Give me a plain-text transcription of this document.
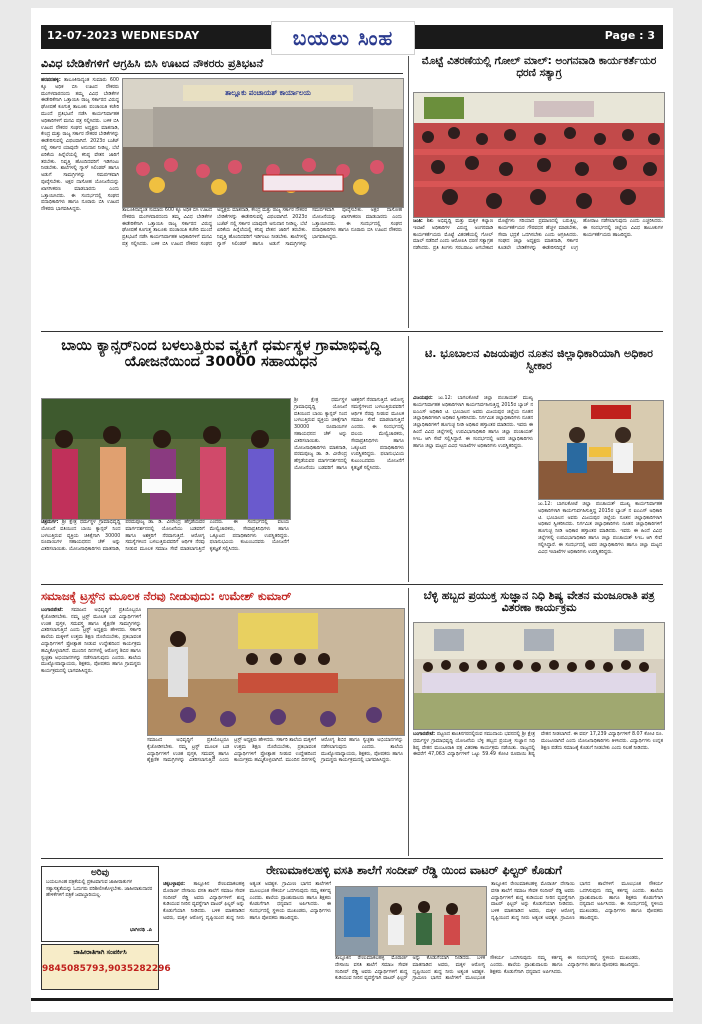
12-07-2023 WEDNESDAY	Page : 3
ಬಯಲು ಸಿಂಹ
ವಿವಿಧ ಬೇಡಿಕೆಗಳಿಗೆ ಆಗ್ರಹಿಸಿ ಬಿಸಿ ಊಟದ ನೌಕರರು ಪ್ರತಿಭಟನೆ
ಹರಪನಹಳ್ಳಿ: ತಾಲೂಕಿನಾದ್ಯಂತ ಸುಮಾರು 600 ಕ್ಕೂ ಅಧಿಕ ಬಿಸಿ ಊಟದ ನೌಕರರು ಮಂಗಳವಾರದಂದು ತಮ್ಮ ವಿವಿಧ ಬೇಡಿಕೆಗಳ ಈಡೇರಿಕೆಗಾಗಿ ಒತ್ತಾಯಿಸಿ ರಾಜ್ಯ ಸರ್ಕಾರದ ವಿರುದ್ಧ ಘೋಷಣೆ ಕೂಗುತ್ತ ತಾಲೂಕು ಪಂಚಾಯಿತಿ ಕಚೇರಿ ಮುಂದೆ ಪ್ರತಿಭಟನೆ ನಡೆಸಿ ಕಾರ್ಯನಿರ್ವಾಹಕ ಅಧಿಕಾರಿಗಳಿಗೆ ಮನವಿ ಪತ್ರ ಸಲ್ಲಿಸಿದರು. ಬಳಿಕ ಬಿಸಿ ಊಟದ ನೌಕರರ ಸಂಘದ ಅಧ್ಯಕ್ಷರು ಮಾತನಾಡಿ, ಕೇಂದ್ರ ಮತ್ತು ರಾಜ್ಯ ಸರ್ಕಾರ ನೌಕರರ ಬೇಡಿಕೆಗಳನ್ನು ಈಡೇರಿಸುವಲ್ಲಿ ವಿಫಲವಾಗಿದೆ. 2023ರ ಬಜೆಟ್ ನಲ್ಲಿ ಸರ್ಕಾರ ಯಾವುದೇ ಅನುದಾನ ನೀಡಿಲ್ಲ. ಬೆಲೆ ಏರಿಕೆಯ ಹಿನ್ನೆಲೆಯಲ್ಲಿ ಕನಿಷ್ಠ ವೇತನ ಜಾರಿಗೆ ತರಬೇಕು. ನಿವೃತ್ತಿ ಹೊಂದಿದವರಿಗೆ ಇಡಿಗಂಟು ನೀಡಬೇಕು. ಶಾಲೆಗಳಲ್ಲಿ ಗ್ಯಾಸ್ ಸಿಲಿಂಡರ್ ಹಾಗೂ ಅಡುಗೆ ಸಾಮಗ್ರಿಗಳನ್ನು ಸಮರ್ಪಕವಾಗಿ ಪೂರೈಸಬೇಕು. ಅಕ್ಷರ ದಾಸೋಹ ಯೋಜನೆಯನ್ನು ಖಾಸಗೀಕರಣ ಮಾಡಬಾರದು ಎಂದು ಒತ್ತಾಯಿಸಿದರು. ಈ ಸಂದರ್ಭದಲ್ಲಿ ಸಂಘದ ಪದಾಧಿಕಾರಿಗಳು ಹಾಗೂ ನೂರಾರು ಬಿಸಿ ಊಟದ ನೌಕರರು ಭಾಗವಹಿಸಿದ್ದರು.
ತಾಲ್ಲೂಕು ಪಂಚಾಯತ್ ಕಾರ್ಯಾಲಯ
ತಾಲೂಕಿನಾದ್ಯಂತ ಸುಮಾರು 600 ಕ್ಕೂ ಅಧಿಕ ಬಿಸಿ ಊಟದ ನೌಕರರು ಮಂಗಳವಾರದಂದು ತಮ್ಮ ವಿವಿಧ ಬೇಡಿಕೆಗಳ ಈಡೇರಿಕೆಗಾಗಿ ಒತ್ತಾಯಿಸಿ ರಾಜ್ಯ ಸರ್ಕಾರದ ವಿರುದ್ಧ ಘೋಷಣೆ ಕೂಗುತ್ತ ತಾಲೂಕು ಪಂಚಾಯಿತಿ ಕಚೇರಿ ಮುಂದೆ ಪ್ರತಿಭಟನೆ ನಡೆಸಿ ಕಾರ್ಯನಿರ್ವಾಹಕ ಅಧಿಕಾರಿಗಳಿಗೆ ಮನವಿ ಪತ್ರ ಸಲ್ಲಿಸಿದರು. ಬಳಿಕ ಬಿಸಿ ಊಟದ ನೌಕರರ ಸಂಘದ ಅಧ್ಯಕ್ಷರು ಮಾತನಾಡಿ, ಕೇಂದ್ರ ಮತ್ತು ರಾಜ್ಯ ಸರ್ಕಾರ ನೌಕರರ ಬೇಡಿಕೆಗಳನ್ನು ಈಡೇರಿಸುವಲ್ಲಿ ವಿಫಲವಾಗಿದೆ. 2023ರ ಬಜೆಟ್ ನಲ್ಲಿ ಸರ್ಕಾರ ಯಾವುದೇ ಅನುದಾನ ನೀಡಿಲ್ಲ. ಬೆಲೆ ಏರಿಕೆಯ ಹಿನ್ನೆಲೆಯಲ್ಲಿ ಕನಿಷ್ಠ ವೇತನ ಜಾರಿಗೆ ತರಬೇಕು. ನಿವೃತ್ತಿ ಹೊಂದಿದವರಿಗೆ ಇಡಿಗಂಟು ನೀಡಬೇಕು. ಶಾಲೆಗಳಲ್ಲಿ ಗ್ಯಾಸ್ ಸಿಲಿಂಡರ್ ಹಾಗೂ ಅಡುಗೆ ಸಾಮಗ್ರಿಗಳನ್ನು ಸಮರ್ಪಕವಾಗಿ ಪೂರೈಸಬೇಕು. ಅಕ್ಷರ ದಾಸೋಹ ಯೋಜನೆಯನ್ನು ಖಾಸಗೀಕರಣ ಮಾಡಬಾರದು ಎಂದು ಒತ್ತಾಯಿಸಿದರು. ಈ ಸಂದರ್ಭದಲ್ಲಿ ಸಂಘದ ಪದಾಧಿಕಾರಿಗಳು ಹಾಗೂ ನೂರಾರು ಬಿಸಿ ಊಟದ ನೌಕರರು ಭಾಗವಹಿಸಿದ್ದರು.
ಮೊಟ್ಟೆ ವಿತರಣೆಯಲ್ಲಿ ಗೋಲ್ ಮಾಲ್: ಅಂಗನವಾಡಿ ಕಾರ್ಯಕರ್ತೆಯರ ಧರಣಿ ಸತ್ಯಾಗ್ರ
ಜಂತಿ: ಶಿಶು ಅಭಿವೃದ್ಧಿ ಮತ್ತು ಮಕ್ಕಳ ಕಲ್ಯಾಣ ಇಲಾಖೆ ಅಧಿಕಾರಿಗಳ ವಿರುದ್ಧ ಅಂಗನವಾಡಿ ಕಾರ್ಯಕರ್ತೆಯರು ಮೊಟ್ಟೆ ವಿತರಣೆಯಲ್ಲಿ ಗೋಲ್ ಮಾಲ್ ನಡೆದಿದೆ ಎಂದು ಆರೋಪಿಸಿ ಧರಣಿ ಸತ್ಯಾಗ್ರಹ ನಡೆಸಿದರು. ಪ್ರತಿ ತಿಂಗಳು ಸರಬರಾಜು ಆಗಬೇಕಾದ ಮೊಟ್ಟೆಗಳು ಸರಿಯಾದ ಪ್ರಮಾಣದಲ್ಲಿ ಬರುತ್ತಿಲ್ಲ. ಕಾರ್ಯಕರ್ತೆಯರ ಗೌರವಧನ ಹೆಚ್ಚಳ ಮಾಡಬೇಕು, ಸೇವಾ ಭದ್ರತೆ ಒದಗಿಸಬೇಕು ಎಂದು ಆಗ್ರಹಿಸಿದರು. ಸಂಘದ ಜಿಲ್ಲಾ ಅಧ್ಯಕ್ಷರು ಮಾತನಾಡಿ, ಸರ್ಕಾರ ಕೂಡಲೇ ಬೇಡಿಕೆಗಳನ್ನು ಈಡೇರಿಸದಿದ್ದರೆ ಉಗ್ರ ಹೋರಾಟ ನಡೆಸಲಾಗುವುದು ಎಂದು ಎಚ್ಚರಿಸಿದರು. ಈ ಸಂದರ್ಭದಲ್ಲಿ ಜಿಲ್ಲೆಯ ವಿವಿಧ ತಾಲೂಕುಗಳ ಕಾರ್ಯಕರ್ತೆಯರು ಹಾಜರಿದ್ದರು.
ಬಾಯಿ ಕ್ಯಾನ್ಸರ್‌ನಿಂದ ಬಳಲುತ್ತಿರುವ ವ್ಯಕ್ತಿಗೆ ಧರ್ಮಸ್ಥಳ ಗ್ರಾಮಾಭಿವೃದ್ಧಿ ಯೋಜನೆಯಿಂದ 30000 ಸಹಾಯಧನ
ಚಿತ್ರದುರ್ಗ: ಶ್ರೀ ಕ್ಷೇತ್ರ ಧರ್ಮಸ್ಥಳ ಗ್ರಾಮಾಭಿವೃದ್ಧಿ ಯೋಜನೆ ವತಿಯಿಂದ ಬಾಯಿ ಕ್ಯಾನ್ಸರ್ ನಿಂದ ಬಳಲುತ್ತಿರುವ ವ್ಯಕ್ತಿಯ ಚಿಕಿತ್ಸೆಗಾಗಿ 30000 ರೂಪಾಯಿಗಳ ಸಹಾಯಧನದ ಚೆಕ್ ಅನ್ನು ವಿತರಿಸಲಾಯಿತು. ಯೋಜನಾಧಿಕಾರಿಗಳು ಮಾತನಾಡಿ, ಪರಮಪೂಜ್ಯ ಡಾ. ಡಿ. ವೀರೇಂದ್ರ ಹೆಗ್ಗಡೆಯವರ ಮಾರ್ಗದರ್ಶನದಲ್ಲಿ ಯೋಜನೆಯು ಬಡವರಿಗೆ ಹಾಗೂ ಅಶಕ್ತರಿಗೆ ನೆರವಾಗುತ್ತಿದೆ. ಆರೋಗ್ಯ ಸಮಸ್ಯೆಗಳಿಂದ ಬಳಲುತ್ತಿರುವವರಿಗೆ ಆರ್ಥಿಕ ನೆರವು ನೀಡುವ ಮೂಲಕ ಸಮಾಜ ಸೇವೆ ಮಾಡಲಾಗುತ್ತಿದೆ ಎಂದರು. ಈ ಸಂದರ್ಭದಲ್ಲಿ ವಲಯ ಮೇಲ್ವಿಚಾರಕರು, ಸೇವಾಪ್ರತಿನಿಧಿಗಳು ಹಾಗೂ ಒಕ್ಕೂಟದ ಪದಾಧಿಕಾರಿಗಳು ಉಪಸ್ಥಿತರಿದ್ದರು. ಫಲಾನುಭವಿಯ ಕುಟುಂಬದವರು ಯೋಜನೆಗೆ ಕೃತಜ್ಞತೆ ಸಲ್ಲಿಸಿದರು.
ಶ್ರೀ ಕ್ಷೇತ್ರ ಧರ್ಮಸ್ಥಳ ಗ್ರಾಮಾಭಿವೃದ್ಧಿ ಯೋಜನೆ ವತಿಯಿಂದ ಬಾಯಿ ಕ್ಯಾನ್ಸರ್ ನಿಂದ ಬಳಲುತ್ತಿರುವ ವ್ಯಕ್ತಿಯ ಚಿಕಿತ್ಸೆಗಾಗಿ 30000 ರೂಪಾಯಿಗಳ ಸಹಾಯಧನದ ಚೆಕ್ ಅನ್ನು ವಿತರಿಸಲಾಯಿತು. ಯೋಜನಾಧಿಕಾರಿಗಳು ಮಾತನಾಡಿ, ಪರಮಪೂಜ್ಯ ಡಾ. ಡಿ. ವೀರೇಂದ್ರ ಹೆಗ್ಗಡೆಯವರ ಮಾರ್ಗದರ್ಶನದಲ್ಲಿ ಯೋಜನೆಯು ಬಡವರಿಗೆ ಹಾಗೂ ಅಶಕ್ತರಿಗೆ ನೆರವಾಗುತ್ತಿದೆ. ಆರೋಗ್ಯ ಸಮಸ್ಯೆಗಳಿಂದ ಬಳಲುತ್ತಿರುವವರಿಗೆ ಆರ್ಥಿಕ ನೆರವು ನೀಡುವ ಮೂಲಕ ಸಮಾಜ ಸೇವೆ ಮಾಡಲಾಗುತ್ತಿದೆ ಎಂದರು. ಈ ಸಂದರ್ಭದಲ್ಲಿ ವಲಯ ಮೇಲ್ವಿಚಾರಕರು, ಸೇವಾಪ್ರತಿನಿಧಿಗಳು ಹಾಗೂ ಒಕ್ಕೂಟದ ಪದಾಧಿಕಾರಿಗಳು ಉಪಸ್ಥಿತರಿದ್ದರು. ಫಲಾನುಭವಿಯ ಕುಟುಂಬದವರು ಯೋಜನೆಗೆ ಕೃತಜ್ಞತೆ ಸಲ್ಲಿಸಿದರು.
ಟಿ. ಭೂಬಾಲನ ವಿಜಯಪುರ ನೂತನ ಜಿಲ್ಲಾಧಿಕಾರಿಯಾಗಿ ಅಧಿಕಾರ ಸ್ವೀಕಾರ
ವಿಜಯಪುರ: ಜು.12: ಬಾಗಲಕೋಟೆ ಜಿಲ್ಲಾ ಪಂಚಾಯತ್ ಮುಖ್ಯ ಕಾರ್ಯನಿರ್ವಾಹಕ ಅಧಿಕಾರಿಗಳಾಗಿ ಕಾರ್ಯನಿರ್ವಹಿಸುತ್ತಿದ್ದ 2015ರ ಬ್ಯಾಚ್ ನ ಐಎಎಸ್ ಅಧಿಕಾರಿ ಟಿ. ಭೂಬಾಲನ ಅವರು ವಿಜಯಪುರ ಜಿಲ್ಲೆಯ ನೂತನ ಜಿಲ್ಲಾಧಿಕಾರಿಗಳಾಗಿ ಅಧಿಕಾರ ಸ್ವೀಕರಿಸಿದರು. ನಿರ್ಗಮಿತ ಜಿಲ್ಲಾಧಿಕಾರಿಗಳು ನೂತನ ಜಿಲ್ಲಾಧಿಕಾರಿಗಳಿಗೆ ಹೂಗುಚ್ಛ ನೀಡಿ ಅಧಿಕಾರ ಹಸ್ತಾಂತರ ಮಾಡಿದರು. ಇವರು ಈ ಹಿಂದೆ ವಿವಿಧ ಜಿಲ್ಲೆಗಳಲ್ಲಿ ಉಪವಿಭಾಗಾಧಿಕಾರಿ ಹಾಗೂ ಜಿಲ್ಲಾ ಪಂಚಾಯತ್ ಸಿಇಒ ಆಗಿ ಸೇವೆ ಸಲ್ಲಿಸಿದ್ದಾರೆ. ಈ ಸಂದರ್ಭದಲ್ಲಿ ಅಪರ ಜಿಲ್ಲಾಧಿಕಾರಿಗಳು ಹಾಗೂ ಜಿಲ್ಲಾ ಮಟ್ಟದ ವಿವಿಧ ಇಲಾಖೆಗಳ ಅಧಿಕಾರಿಗಳು ಉಪಸ್ಥಿತರಿದ್ದರು.
ಜು.12: ಬಾಗಲಕೋಟೆ ಜಿಲ್ಲಾ ಪಂಚಾಯತ್ ಮುಖ್ಯ ಕಾರ್ಯನಿರ್ವಾಹಕ ಅಧಿಕಾರಿಗಳಾಗಿ ಕಾರ್ಯನಿರ್ವಹಿಸುತ್ತಿದ್ದ 2015ರ ಬ್ಯಾಚ್ ನ ಐಎಎಸ್ ಅಧಿಕಾರಿ ಟಿ. ಭೂಬಾಲನ ಅವರು ವಿಜಯಪುರ ಜಿಲ್ಲೆಯ ನೂತನ ಜಿಲ್ಲಾಧಿಕಾರಿಗಳಾಗಿ ಅಧಿಕಾರ ಸ್ವೀಕರಿಸಿದರು. ನಿರ್ಗಮಿತ ಜಿಲ್ಲಾಧಿಕಾರಿಗಳು ನೂತನ ಜಿಲ್ಲಾಧಿಕಾರಿಗಳಿಗೆ ಹೂಗುಚ್ಛ ನೀಡಿ ಅಧಿಕಾರ ಹಸ್ತಾಂತರ ಮಾಡಿದರು. ಇವರು ಈ ಹಿಂದೆ ವಿವಿಧ ಜಿಲ್ಲೆಗಳಲ್ಲಿ ಉಪವಿಭಾಗಾಧಿಕಾರಿ ಹಾಗೂ ಜಿಲ್ಲಾ ಪಂಚಾಯತ್ ಸಿಇಒ ಆಗಿ ಸೇವೆ ಸಲ್ಲಿಸಿದ್ದಾರೆ. ಈ ಸಂದರ್ಭದಲ್ಲಿ ಅಪರ ಜಿಲ್ಲಾಧಿಕಾರಿಗಳು ಹಾಗೂ ಜಿಲ್ಲಾ ಮಟ್ಟದ ವಿವಿಧ ಇಲಾಖೆಗಳ ಅಧಿಕಾರಿಗಳು ಉಪಸ್ಥಿತರಿದ್ದರು.
ಸಮಾಜಕ್ಕೆ ಟ್ರಸ್ಟ್‌ನ ಮೂಲಕ ನೆರವು ನೀಡುವುದು: ಉಮೇಶ್ ಕುಮಾರ್
ಬಂಗಾರಪೇಟೆ: ಸಮಾಜದ ಅಭಿವೃದ್ಧಿಗೆ ಪ್ರತಿಯೊಬ್ಬರೂ ಕೈಜೋಡಿಸಬೇಕು. ನಮ್ಮ ಟ್ರಸ್ಟ್ ಮೂಲಕ ಬಡ ವಿದ್ಯಾರ್ಥಿಗಳಿಗೆ ಉಚಿತ ಪುಸ್ತಕ, ಸಮವಸ್ತ್ರ ಹಾಗೂ ಶೈಕ್ಷಣಿಕ ಸಾಮಗ್ರಿಗಳನ್ನು ವಿತರಿಸಲಾಗುತ್ತಿದೆ ಎಂದು ಟ್ರಸ್ಟ್ ಅಧ್ಯಕ್ಷರು ಹೇಳಿದರು. ಸರ್ಕಾರಿ ಶಾಲೆಯ ಮಕ್ಕಳಿಗೆ ಉತ್ತಮ ಶಿಕ್ಷಣ ದೊರೆಯಬೇಕು, ಪ್ರತಿಭಾವಂತ ವಿದ್ಯಾರ್ಥಿಗಳಿಗೆ ಪ್ರೋತ್ಸಾಹ ನೀಡುವ ಉದ್ದೇಶದಿಂದ ಕಾರ್ಯಕ್ರಮ ಹಮ್ಮಿಕೊಳ್ಳಲಾಗಿದೆ. ಮುಂದಿನ ದಿನಗಳಲ್ಲಿ ಆರೋಗ್ಯ ಶಿಬಿರ ಹಾಗೂ ಸ್ವಚ್ಛತಾ ಅಭಿಯಾನಗಳನ್ನು ನಡೆಸಲಾಗುವುದು ಎಂದರು. ಶಾಲೆಯ ಮುಖ್ಯೋಪಾಧ್ಯಾಯರು, ಶಿಕ್ಷಕರು, ಪೋಷಕರು ಹಾಗೂ ಗ್ರಾಮಸ್ಥರು ಕಾರ್ಯಕ್ರಮದಲ್ಲಿ ಭಾಗವಹಿಸಿದ್ದರು.
ಸಮಾಜದ ಅಭಿವೃದ್ಧಿಗೆ ಪ್ರತಿಯೊಬ್ಬರೂ ಕೈಜೋಡಿಸಬೇಕು. ನಮ್ಮ ಟ್ರಸ್ಟ್ ಮೂಲಕ ಬಡ ವಿದ್ಯಾರ್ಥಿಗಳಿಗೆ ಉಚಿತ ಪುಸ್ತಕ, ಸಮವಸ್ತ್ರ ಹಾಗೂ ಶೈಕ್ಷಣಿಕ ಸಾಮಗ್ರಿಗಳನ್ನು ವಿತರಿಸಲಾಗುತ್ತಿದೆ ಎಂದು ಟ್ರಸ್ಟ್ ಅಧ್ಯಕ್ಷರು ಹೇಳಿದರು. ಸರ್ಕಾರಿ ಶಾಲೆಯ ಮಕ್ಕಳಿಗೆ ಉತ್ತಮ ಶಿಕ್ಷಣ ದೊರೆಯಬೇಕು, ಪ್ರತಿಭಾವಂತ ವಿದ್ಯಾರ್ಥಿಗಳಿಗೆ ಪ್ರೋತ್ಸಾಹ ನೀಡುವ ಉದ್ದೇಶದಿಂದ ಕಾರ್ಯಕ್ರಮ ಹಮ್ಮಿಕೊಳ್ಳಲಾಗಿದೆ. ಮುಂದಿನ ದಿನಗಳಲ್ಲಿ ಆರೋಗ್ಯ ಶಿಬಿರ ಹಾಗೂ ಸ್ವಚ್ಛತಾ ಅಭಿಯಾನಗಳನ್ನು ನಡೆಸಲಾಗುವುದು ಎಂದರು. ಶಾಲೆಯ ಮುಖ್ಯೋಪಾಧ್ಯಾಯರು, ಶಿಕ್ಷಕರು, ಪೋಷಕರು ಹಾಗೂ ಗ್ರಾಮಸ್ಥರು ಕಾರ್ಯಕ್ರಮದಲ್ಲಿ ಭಾಗವಹಿಸಿದ್ದರು.
ಬೆಳ್ಳಿ ಹಬ್ಬದ ಪ್ರಯುಕ್ತ ಸುಜ್ಞಾನ ನಿಧಿ ಶಿಷ್ಯ ವೇತನ ಮಂಜೂರಾತಿ ಪತ್ರ ವಿತರಣಾ ಕಾರ್ಯಕ್ರಮ
ಬಂಗಾರಪೇಟೆ: ಪಟ್ಟಣದ ಶಾಂತಿನಗರದಲ್ಲಿರುವ ಸಮುದಾಯ ಭವನದಲ್ಲಿ ಶ್ರೀ ಕ್ಷೇತ್ರ ಧರ್ಮಸ್ಥಳ ಗ್ರಾಮಾಭಿವೃದ್ಧಿ ಯೋಜನೆಯ ಬೆಳ್ಳಿ ಹಬ್ಬದ ಪ್ರಯುಕ್ತ ಸುಜ್ಞಾನ ನಿಧಿ ಶಿಷ್ಯ ವೇತನ ಮಂಜೂರಾತಿ ಪತ್ರ ವಿತರಣಾ ಕಾರ್ಯಕ್ರಮ ನಡೆಯಿತು. ರಾಜ್ಯದಲ್ಲಿ ಈವರೆಗೆ 47,063 ವಿದ್ಯಾರ್ಥಿಗಳಿಗೆ ಒಟ್ಟು 59.49 ಕೋಟಿ ರೂಪಾಯಿ ಶಿಷ್ಯ ವೇತನ ನೀಡಲಾಗಿದೆ. ಈ ವರ್ಷ 17,239 ವಿದ್ಯಾರ್ಥಿಗಳಿಗೆ 8.07 ಕೋಟಿ ರೂ. ಮಂಜೂರಾಗಿದೆ ಎಂದು ಯೋಜನಾಧಿಕಾರಿಗಳು ತಿಳಿಸಿದರು. ವಿದ್ಯಾರ್ಥಿಗಳು ಉನ್ನತ ಶಿಕ್ಷಣ ಪಡೆದು ಸಮಾಜಕ್ಕೆ ಕೊಡುಗೆ ನೀಡಬೇಕು ಎಂದು ಸಲಹೆ ನೀಡಿದರು.
ಅರಿವು
ಬಯಲುಸಿಂಹ ಪತ್ರಿಕೆಯಲ್ಲಿ ಪ್ರಕಟವಾಗುವ ಜಾಹೀರಾತುಗಳ ಸತ್ಯಾಸತ್ಯತೆಯನ್ನು ಓದುಗರು ಪರಿಶೀಲಿಸಿಕೊಳ್ಳಬೇಕು. ಜಾಹೀರಾತುದಾರರ ಹೇಳಿಕೆಗಳಿಗೆ ಪತ್ರಿಕೆ ಜವಾಬ್ದಾರಿಯಲ್ಲ.
ಭಾಗೀರಥಿ .ಪಿ
ಜಾಹೀರಾತಿಗಾಗಿ ಸಂಪರ್ಕಿಸಿ
9845085793,9035282296
ರೇಣುಮಾಕಲಹಳ್ಳಿ ವಸತಿ ಶಾಲೆಗೆ ಸಂದೀಪ್ ರೆಡ್ಡಿ ಯಿಂದ ವಾಟರ್ ಫಿಲ್ಟರ್ ಕೊಡುಗೆ
ಚಿಕ್ಕಬಳ್ಳಾಪುರ: ತಾಲ್ಲೂಕಿನ ರೇಣುಮಾಕಲಹಳ್ಳಿ ಮೊರಾರ್ಜಿ ದೇಸಾಯಿ ವಸತಿ ಶಾಲೆಗೆ ಸಮಾಜ ಸೇವಕ ಸಂದೀಪ್ ರೆಡ್ಡಿ ಅವರು ವಿದ್ಯಾರ್ಥಿಗಳಿಗೆ ಶುದ್ಧ ಕುಡಿಯುವ ನೀರಿನ ವ್ಯವಸ್ಥೆಗಾಗಿ ವಾಟರ್ ಫಿಲ್ಟರ್ ಅನ್ನು ಕೊಡುಗೆಯಾಗಿ ನೀಡಿದರು. ಬಳಿಕ ಮಾತನಾಡಿದ ಅವರು, ಮಕ್ಕಳ ಆರೋಗ್ಯ ದೃಷ್ಟಿಯಿಂದ ಶುದ್ಧ ನೀರು ಅತ್ಯಂತ ಅವಶ್ಯಕ. ಗ್ರಾಮೀಣ ಭಾಗದ ಶಾಲೆಗಳಿಗೆ ಮೂಲಭೂತ ಸೌಕರ್ಯ ಒದಗಿಸುವುದು ನಮ್ಮ ಕರ್ತವ್ಯ ಎಂದರು. ಶಾಲೆಯ ಪ್ರಾಂಶುಪಾಲರು ಹಾಗೂ ಶಿಕ್ಷಕರು ಕೊಡುಗೆಗಾಗಿ ಧನ್ಯವಾದ ಅರ್ಪಿಸಿದರು. ಈ ಸಂದರ್ಭದಲ್ಲಿ ಸ್ಥಳೀಯ ಮುಖಂಡರು, ವಿದ್ಯಾರ್ಥಿಗಳು ಹಾಗೂ ಪೋಷಕರು ಹಾಜರಿದ್ದರು.
ತಾಲ್ಲೂಕಿನ ರೇಣುಮಾಕಲಹಳ್ಳಿ ಮೊರಾರ್ಜಿ ದೇಸಾಯಿ ವಸತಿ ಶಾಲೆಗೆ ಸಮಾಜ ಸೇವಕ ಸಂದೀಪ್ ರೆಡ್ಡಿ ಅವರು ವಿದ್ಯಾರ್ಥಿಗಳಿಗೆ ಶುದ್ಧ ಕುಡಿಯುವ ನೀರಿನ ವ್ಯವಸ್ಥೆಗಾಗಿ ವಾಟರ್ ಫಿಲ್ಟರ್ ಅನ್ನು ಕೊಡುಗೆಯಾಗಿ ನೀಡಿದರು. ಬಳಿಕ ಮಾತನಾಡಿದ ಅವರು, ಮಕ್ಕಳ ಆರೋಗ್ಯ ದೃಷ್ಟಿಯಿಂದ ಶುದ್ಧ ನೀರು ಅತ್ಯಂತ ಅವಶ್ಯಕ. ಗ್ರಾಮೀಣ ಭಾಗದ ಶಾಲೆಗಳಿಗೆ ಮೂಲಭೂತ ಸೌಕರ್ಯ ಒದಗಿಸುವುದು ನಮ್ಮ ಕರ್ತವ್ಯ ಎಂದರು. ಶಾಲೆಯ ಪ್ರಾಂಶುಪಾಲರು ಹಾಗೂ ಶಿಕ್ಷಕರು ಕೊಡುಗೆಗಾಗಿ ಧನ್ಯವಾದ ಅರ್ಪಿಸಿದರು. ಈ ಸಂದರ್ಭದಲ್ಲಿ ಸ್ಥಳೀಯ ಮುಖಂಡರು, ವಿದ್ಯಾರ್ಥಿಗಳು ಹಾಗೂ ಪೋಷಕರು ಹಾಜರಿದ್ದರು.
ತಾಲ್ಲೂಕಿನ ರೇಣುಮಾಕಲಹಳ್ಳಿ ಮೊರಾರ್ಜಿ ದೇಸಾಯಿ ವಸತಿ ಶಾಲೆಗೆ ಸಮಾಜ ಸೇವಕ ಸಂದೀಪ್ ರೆಡ್ಡಿ ಅವರು ವಿದ್ಯಾರ್ಥಿಗಳಿಗೆ ಶುದ್ಧ ಕುಡಿಯುವ ನೀರಿನ ವ್ಯವಸ್ಥೆಗಾಗಿ ವಾಟರ್ ಫಿಲ್ಟರ್ ಅನ್ನು ಕೊಡುಗೆಯಾಗಿ ನೀಡಿದರು. ಬಳಿಕ ಮಾತನಾಡಿದ ಅವರು, ಮಕ್ಕಳ ಆರೋಗ್ಯ ದೃಷ್ಟಿಯಿಂದ ಶುದ್ಧ ನೀರು ಅತ್ಯಂತ ಅವಶ್ಯಕ. ಗ್ರಾಮೀಣ ಭಾಗದ ಶಾಲೆಗಳಿಗೆ ಮೂಲಭೂತ ಸೌಕರ್ಯ ಒದಗಿಸುವುದು ನಮ್ಮ ಕರ್ತವ್ಯ ಎಂದರು. ಶಾಲೆಯ ಪ್ರಾಂಶುಪಾಲರು ಹಾಗೂ ಶಿಕ್ಷಕರು ಕೊಡುಗೆಗಾಗಿ ಧನ್ಯವಾದ ಅರ್ಪಿಸಿದರು. ಈ ಸಂದರ್ಭದಲ್ಲಿ ಸ್ಥಳೀಯ ಮುಖಂಡರು, ವಿದ್ಯಾರ್ಥಿಗಳು ಹಾಗೂ ಪೋಷಕರು ಹಾಜರಿದ್ದರು.
